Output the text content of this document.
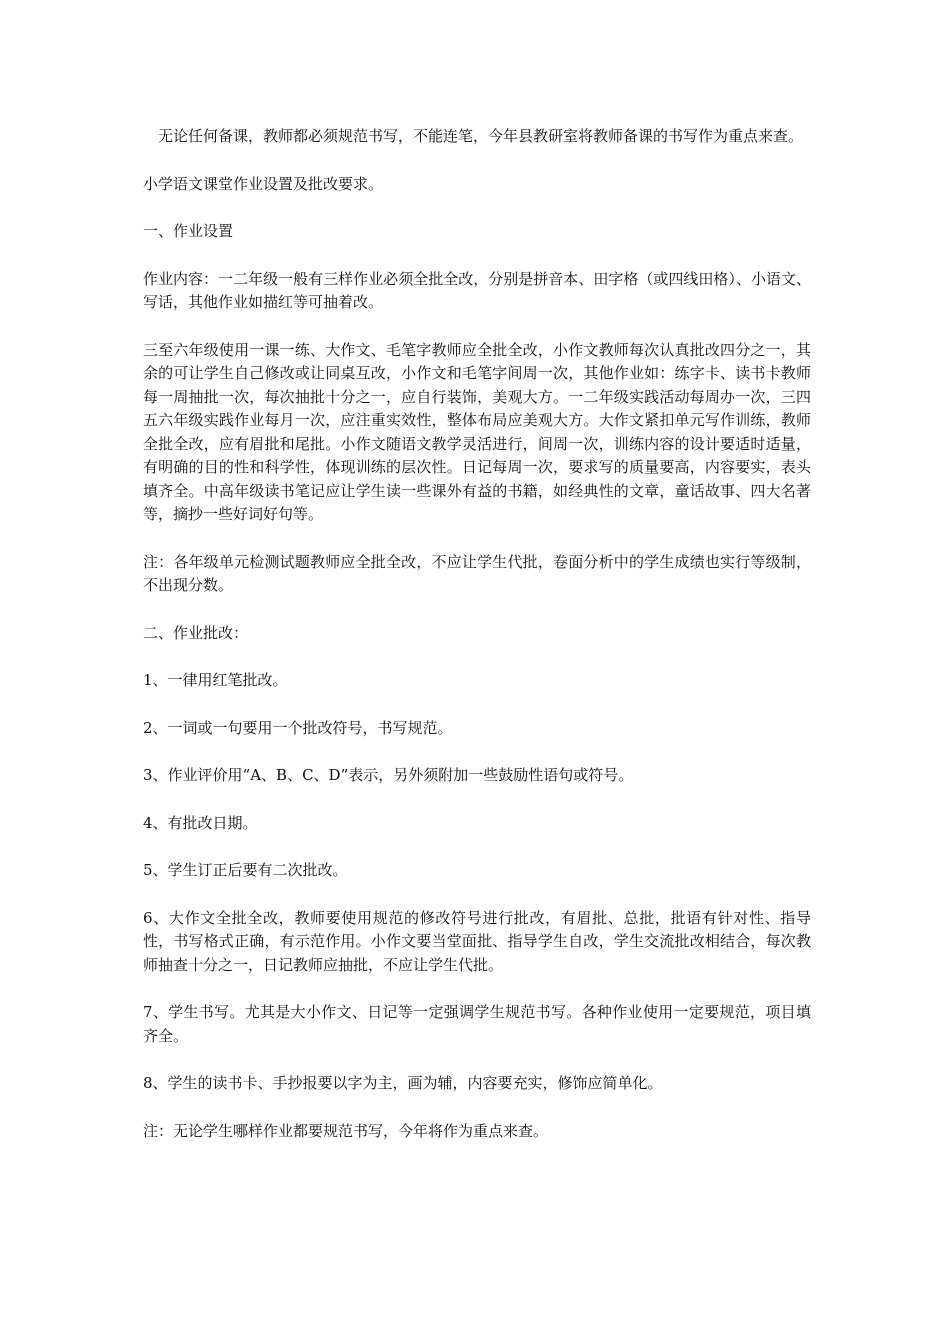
无论任何备课，教师都必须规范书写，不能连笔，今年县教研室将教师备课的书写作为重点来查。

小学语文课堂作业设置及批改要求。

一、作业设置

作业内容：一二年级一般有三样作业必须全批全改，分别是拼音本、田字格（或四线田格）、小语文、写话，其他作业如描红等可抽着改。

三至六年级使用一课一练、大作文、毛笔字教师应全批全改，小作文教师每次认真批改四分之一，其余的可让学生自己修改或让同桌互改，小作文和毛笔字间周一次，其他作业如：练字卡、读书卡教师每一周抽批一次，每次抽批十分之一，应自行装饰，美观大方。一二年级实践活动每周办一次，三四五六年级实践作业每月一次，应注重实效性，整体布局应美观大方。大作文紧扣单元写作训练，教师全批全改，应有眉批和尾批。小作文随语文教学灵活进行，间周一次，训练内容的设计要适时适量，有明确的目的性和科学性，体现训练的层次性。日记每周一次，要求写的质量要高，内容要实，表头填齐全。中高年级读书笔记应让学生读一些课外有益的书籍，如经典性的文章，童话故事、四大名著等，摘抄一些好词好句等。

注：各年级单元检测试题教师应全批全改，不应让学生代批，卷面分析中的学生成绩也实行等级制，不出现分数。

二、作业批改：

1、一律用红笔批改。

2、一词或一句要用一个批改符号，书写规范。

3、作业评价用“A、B、C、D”表示，另外须附加一些鼓励性语句或符号。

4、有批改日期。

5、学生订正后要有二次批改。

6、大作文全批全改，教师要使用规范的修改符号进行批改，有眉批、总批，批语有针对性、指导性，书写格式正确，有示范作用。小作文要当堂面批、指导学生自改，学生交流批改相结合，每次教师抽查十分之一，日记教师应抽批，不应让学生代批。

7、学生书写。尤其是大小作文、日记等一定强调学生规范书写。各种作业使用一定要规范，项目填齐全。

8、学生的读书卡、手抄报要以字为主，画为辅，内容要充实，修饰应简单化。

注：无论学生哪样作业都要规范书写，今年将作为重点来查。
